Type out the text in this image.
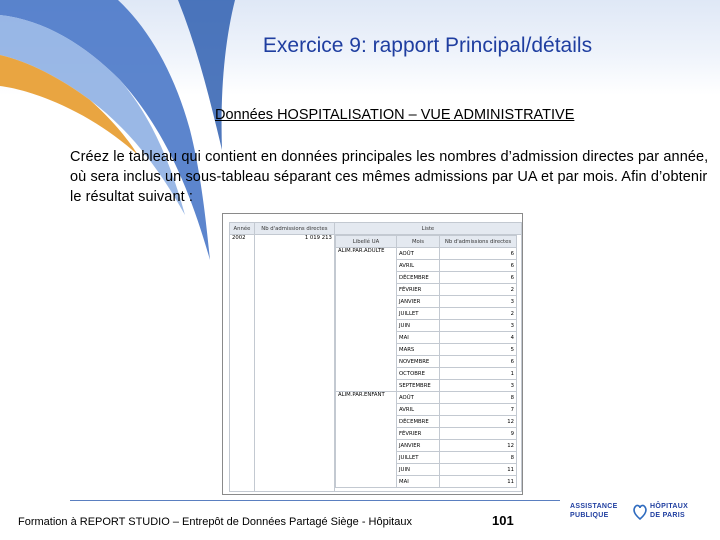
Exercice 9: rapport Principal/détails
Données HOSPITALISATION – VUE ADMINISTRATIVE
Créez le tableau qui contient en données principales les nombres d’admission directes par année, où sera inclus un sous-tableau séparant ces mêmes admissions par UA et par mois. Afin d’obtenir le résultat suivant :
Année	Nb d'admissions directes	Liste
2002	1 019 213	
Libellé UA	Mois	Nb d'admissions directes
ALIM.PAR.ADULTE	AOÛT	6
	AVRIL	6
	DÉCEMBRE	6
	FÉVRIER	2
	JANVIER	3
	JUILLET	2
	JUIN	3
	MAI	4
	MARS	5
	NOVEMBRE	6
	OCTOBRE	1
	SEPTEMBRE	3
ALIM.PAR.ENFANT	AOÛT	8
	AVRIL	7
	DÉCEMBRE	12
	FÉVRIER	9
	JANVIER	12
	JUILLET	8
	JUIN	11
	MAI	11
Formation à REPORT STUDIO – Entrepôt de Données Partagé Siège - Hôpitaux	101
ASSISTANCE
PUBLIQUE
HÔPITAUX
DE PARIS
